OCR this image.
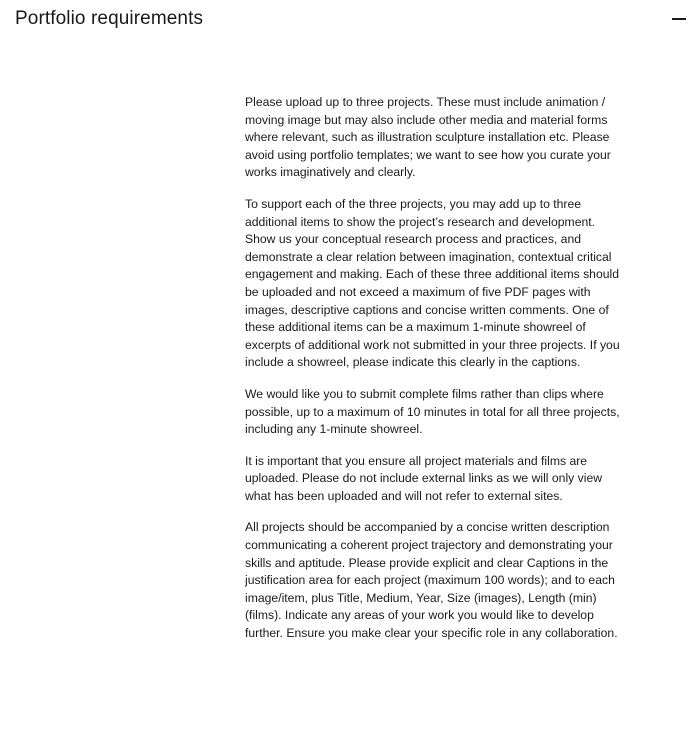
Portfolio requirements

Please upload up to three projects. These must include animation / moving image but may also include other media and material forms where relevant, such as illustration sculpture installation etc. Please avoid using portfolio templates; we want to see how you curate your works imaginatively and clearly.

To support each of the three projects, you may add up to three additional items to show the project’s research and development. Show us your conceptual research process and practices, and demonstrate a clear relation between imagination, contextual critical engagement and making. Each of these three additional items should be uploaded and not exceed a maximum of five PDF pages with images, descriptive captions and concise written comments. One of these additional items can be a maximum 1-minute showreel of excerpts of additional work not submitted in your three projects. If you include a showreel, please indicate this clearly in the captions.

We would like you to submit complete films rather than clips where possible, up to a maximum of 10 minutes in total for all three projects, including any 1-minute showreel.

It is important that you ensure all project materials and films are uploaded. Please do not include external links as we will only view what has been uploaded and will not refer to external sites.

All projects should be accompanied by a concise written description communicating a coherent project trajectory and demonstrating your skills and aptitude. Please provide explicit and clear Captions in the justification area for each project (maximum 100 words); and to each image/item, plus Title, Medium, Year, Size (images), Length (min) (films). Indicate any areas of your work you would like to develop further. Ensure you make clear your specific role in any collaboration.
